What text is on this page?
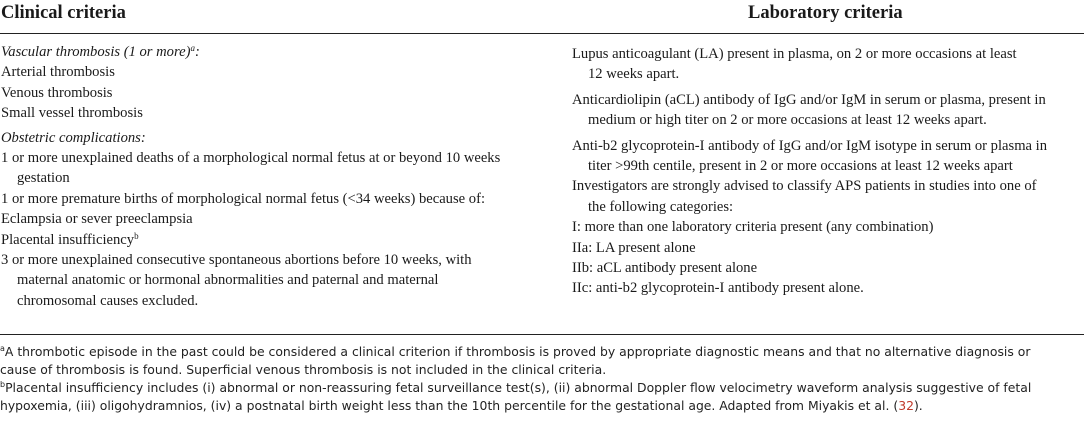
Clinical criteria	Laboratory criteria
Vascular thrombosis (1 or more)$^a$:
Arterial thrombosis
Venous thrombosis
Small vessel thrombosis
Obstetric complications:
1 or more unexplained deaths of a morphological normal fetus at or beyond 10 weeks
gestation
1 or more premature births of morphological normal fetus (<34 weeks) because of:
Eclampsia or sever preeclampsia
Placental insufficiency$^b$
3 or more unexplained consecutive spontaneous abortions before 10 weeks, with
maternal anatomic or hormonal abnormalities and paternal and maternal
chromosomal causes excluded.
Lupus anticoagulant (LA) present in plasma, on 2 or more occasions at least
12 weeks apart.
Anticardiolipin (aCL) antibody of IgG and/or IgM in serum or plasma, present in
medium or high titer on 2 or more occasions at least 12 weeks apart.
Anti-b2 glycoprotein-I antibody of IgG and/or IgM isotype in serum or plasma in
titer >99th centile, present in 2 or more occasions at least 12 weeks apart
Investigators are strongly advised to classify APS patients in studies into one of
the following categories:
I: more than one laboratory criteria present (any combination)
IIa: LA present alone
IIb: aCL antibody present alone
IIc: anti-b2 glycoprotein-I antibody present alone.
$^a$A thrombotic episode in the past could be considered a clinical criterion if thrombosis is proved by appropriate diagnostic means and that no alternative diagnosis or
cause of thrombosis is found. Superficial venous thrombosis is not included in the clinical criteria.
$^b$Placental insufficiency includes (i) abnormal or non-reassuring fetal surveillance test(s), (ii) abnormal Doppler flow velocimetry waveform analysis suggestive of fetal
hypoxemia, (iii) oligohydramnios, (iv) a postnatal birth weight less than the 10th percentile for the gestational age. Adapted from Miyakis et al. (32).
